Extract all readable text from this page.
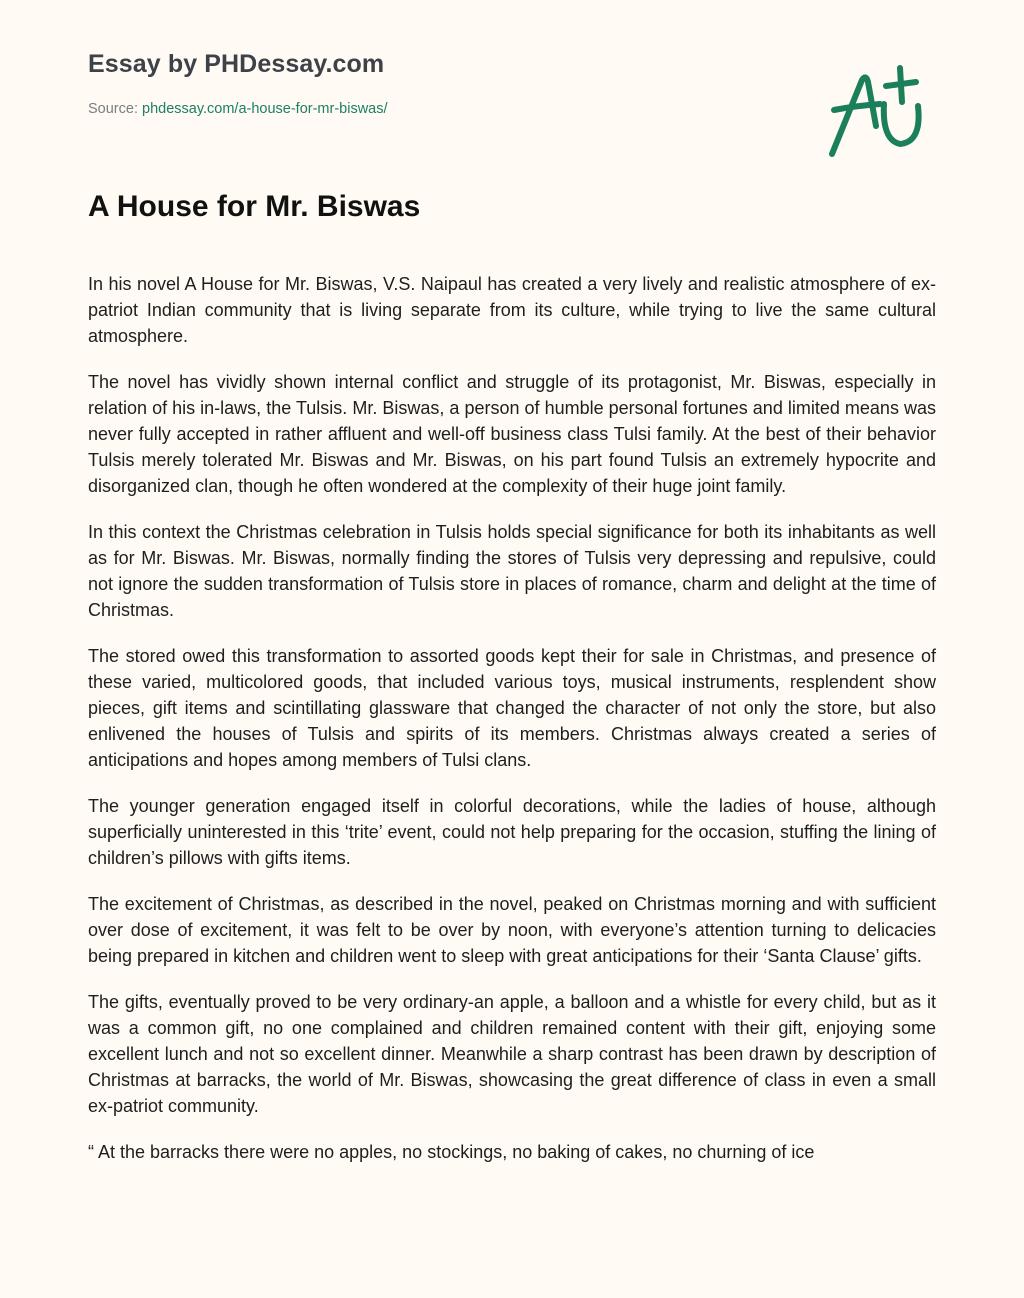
Essay by PHDessay.com
Source: phdessay.com/a-house-for-mr-biswas/
A House for Mr. Biswas

In his novel A House for Mr. Biswas, V.S. Naipaul has created a very lively and realistic atmosphere of ex-patriot Indian community that is living separate from its culture, while trying to live the same cultural atmosphere.

The novel has vividly shown internal conflict and struggle of its protagonist, Mr. Biswas, especially in relation of his in-laws, the Tulsis. Mr. Biswas, a person of humble personal fortunes and limited means was never fully accepted in rather affluent and well-off business class Tulsi family. At the best of their behavior Tulsis merely tolerated Mr. Biswas and Mr. Biswas, on his part found Tulsis an extremely hypocrite and disorganized clan, though he often wondered at the complexity of their huge joint family.

In this context the Christmas celebration in Tulsis holds special significance for both its inhabitants as well as for Mr. Biswas. Mr. Biswas, normally finding the stores of Tulsis very depressing and repulsive, could not ignore the sudden transformation of Tulsis store in places of romance, charm and delight at the time of Christmas.

The stored owed this transformation to assorted goods kept their for sale in Christmas, and presence of these varied, multicolored goods, that included various toys, musical instruments, resplendent show pieces, gift items and scintillating glassware that changed the character of not only the store, but also enlivened the houses of Tulsis and spirits of its members. Christmas always created a series of anticipations and hopes among members of Tulsi clans.

The younger generation engaged itself in colorful decorations, while the ladies of house, although superficially uninterested in this ‘trite’ event, could not help preparing for the occasion, stuffing the lining of children’s pillows with gifts items.

The excitement of Christmas, as described in the novel, peaked on Christmas morning and with sufficient over dose of excitement, it was felt to be over by noon, with everyone’s attention turning to delicacies being prepared in kitchen and children went to sleep with great anticipations for their ‘Santa Clause’ gifts.

The gifts, eventually proved to be very ordinary-an apple, a balloon and a whistle for every child, but as it was a common gift, no one complained and children remained content with their gift, enjoying some excellent lunch and not so excellent dinner. Meanwhile a sharp contrast has been drawn by description of Christmas at barracks, the world of Mr. Biswas, showcasing the great difference of class in even a small ex-patriot community.

“ At the barracks there were no apples, no stockings, no baking of cakes, no churning of ice
